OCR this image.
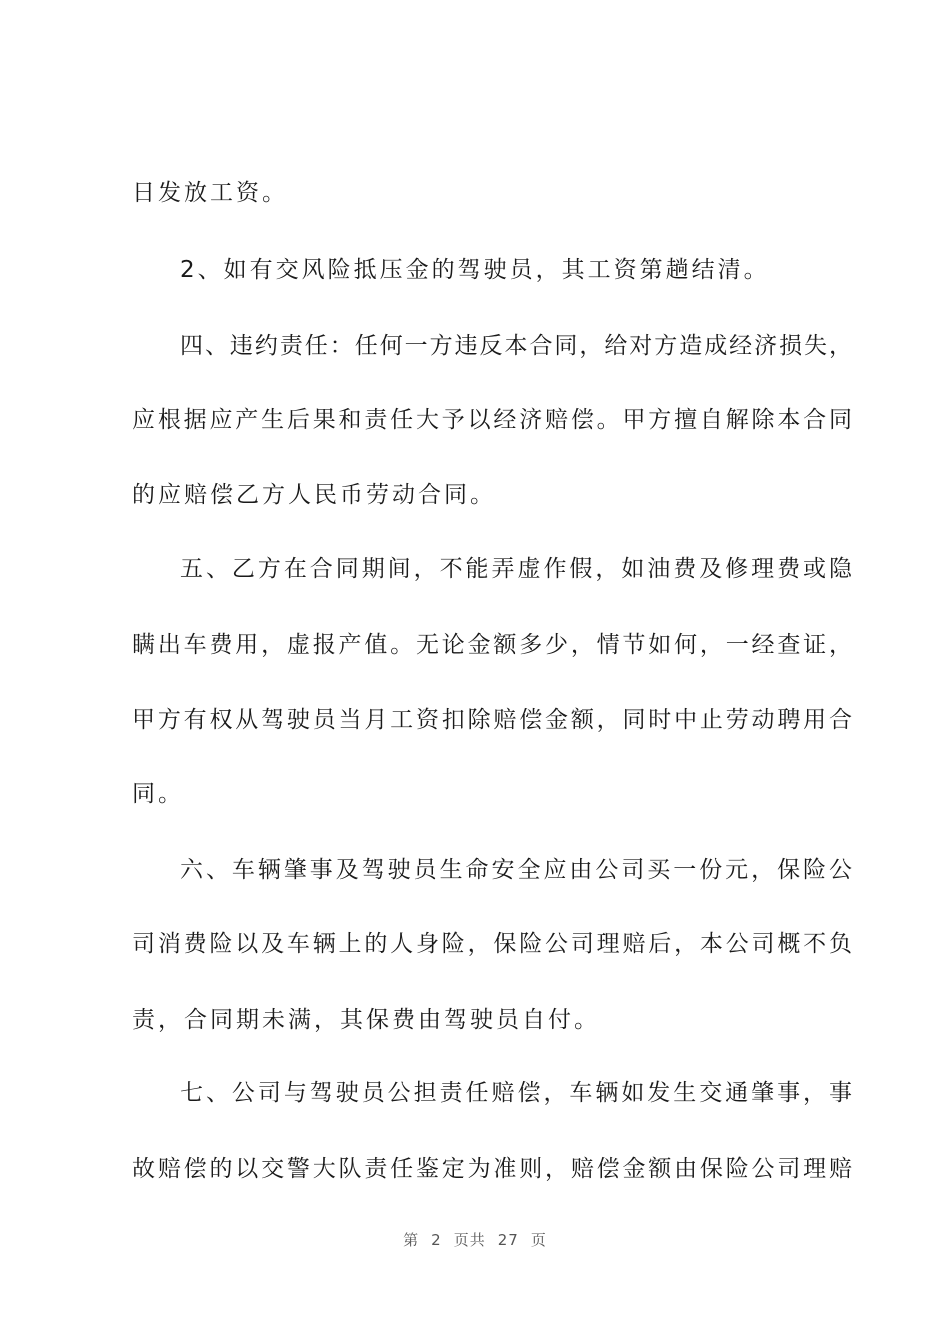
日发放工资。
2、如有交风险抵压金的驾驶员，其工资第趟结清。
四、违约责任：任何一方违反本合同，给对方造成经济损失，
应根据应产生后果和责任大予以经济赔偿。甲方擅自解除本合同
的应赔偿乙方人民币劳动合同。
五、乙方在合同期间，不能弄虚作假，如油费及修理费或隐
瞒出车费用，虚报产值。无论金额多少，情节如何，一经查证，
甲方有权从驾驶员当月工资扣除赔偿金额，同时中止劳动聘用合
同。
六、车辆肇事及驾驶员生命安全应由公司买一份元，保险公
司消费险以及车辆上的人身险，保险公司理赔后，本公司概不负
责，合同期未满，其保费由驾驶员自付。
七、公司与驾驶员公担责任赔偿，车辆如发生交通肇事，事
故赔偿的以交警大队责任鉴定为准则，赔偿金额由保险公司理赔
第 2 页共 27 页
